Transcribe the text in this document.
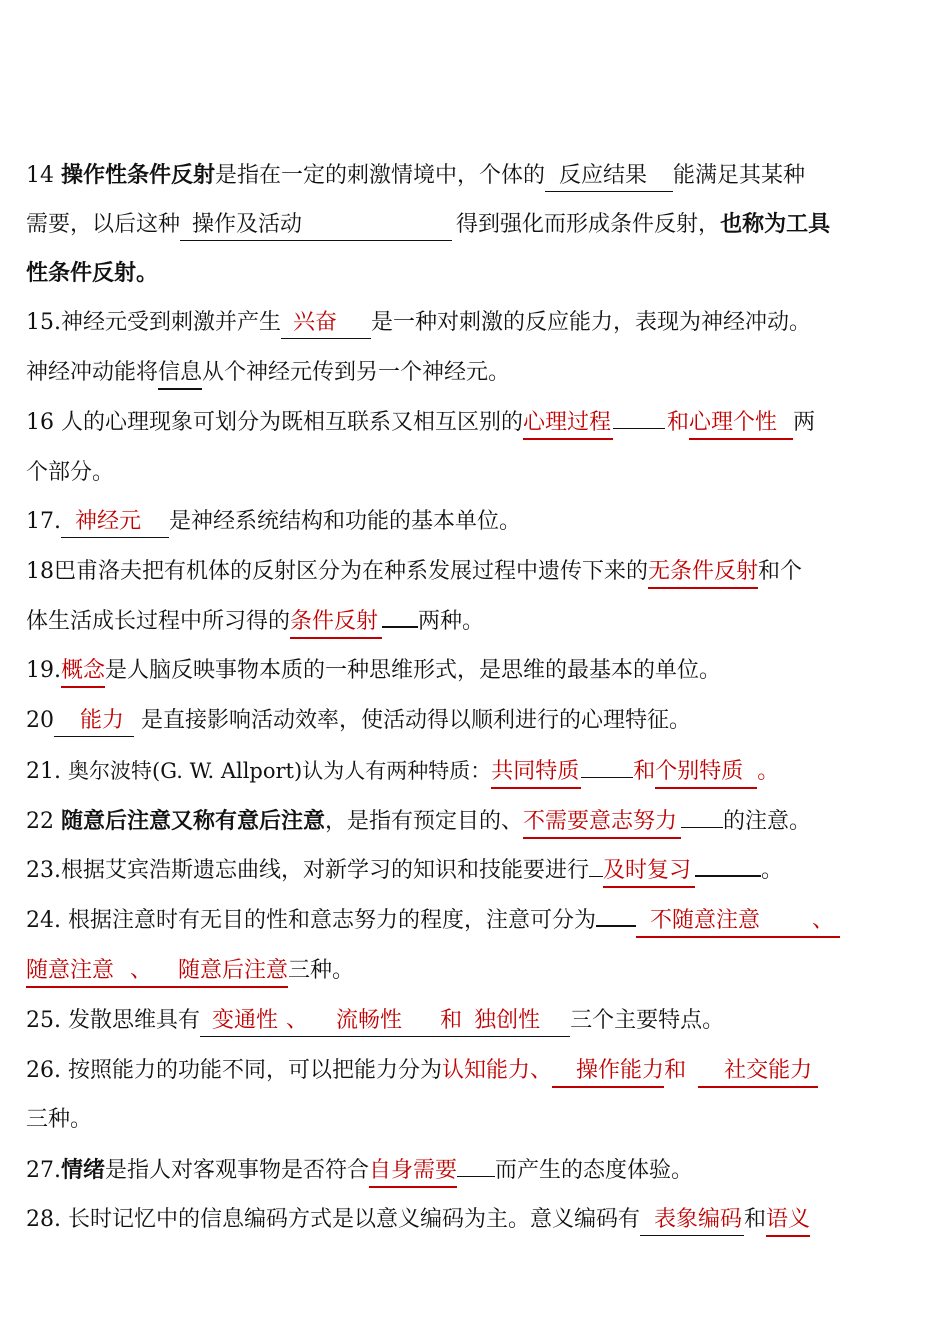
14 操作性条件反射是指在一定的刺激情境中，个体的 反应结果 能满足其某种
需要，以后这种 操作及活动	得到强化而形成条件反射，也称为工具
性条件反射。
15.神经元受到刺激并产生 兴奋 是一种对刺激的反应能力，表现为神经冲动。
神经冲动能将信息从个神经元传到另一个神经元。
16 人的心理现象可划分为既相互联系又相互区别的心理过程	和心理个性 两
个部分。
17. 神经元 是神经系统结构和功能的基本单位。
18巴甫洛夫把有机体的反射区分为在种系发展过程中遗传下来的无条件反射和个
体生活成长过程中所习得的条件反射 两种。
19.概念是人脑反映事物本质的一种思维形式，是思维的最基本的单位。
20 能力 是直接影响活动效率，使活动得以顺利进行的心理特征。
21. 奥尔波特(G. W. Allport)认为人有两种特质：共同特质 和个别特质 。
22 随意后注意又称有意后注意，是指有预定目的、不需要意志努力 的注意。
23.根据艾宾浩斯遗忘曲线，对新学习的知识和技能要进行 及时复习	。
24. 根据注意时有无目的性和意志努力的程度，注意可分为 不随意注意 、
随意注意 、 随意后注意三种。
25. 发散思维具有 变通性 、 流畅性 和 独创性 三个主要特点。
26. 按照能力的功能不同，可以把能力分为认知能力、 操作能力和 社交能力
三种。
27.情绪是指人对客观事物是否符合自身需要 而产生的态度体验。
28. 长时记忆中的信息编码方式是以意义编码为主。意义编码有 表象编码和语义
